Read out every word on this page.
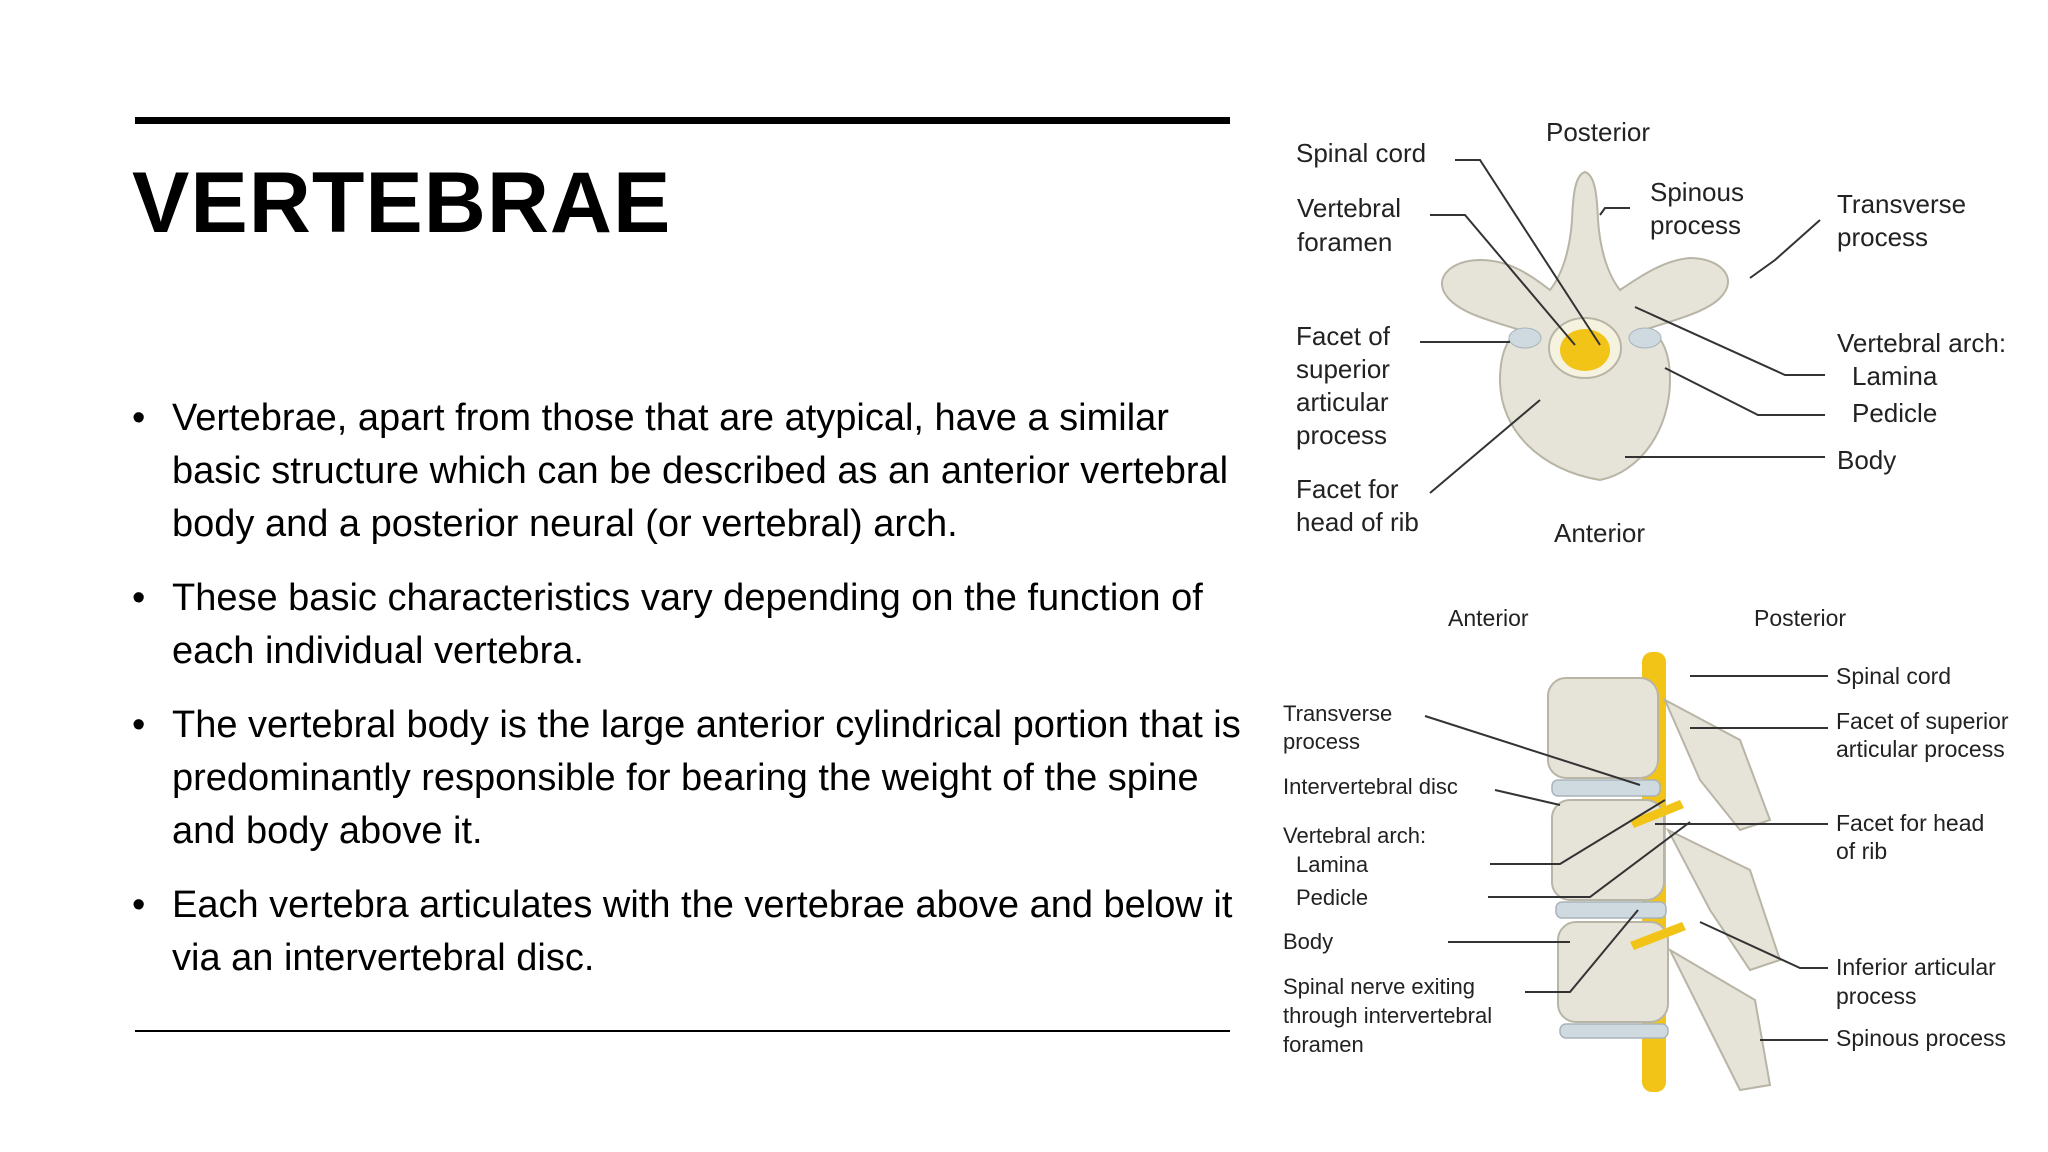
VERTEBRAE
• Vertebrae, apart from those that are atypical, have a similar basic structure which can be described as an anterior vertebral body and a posterior neural (or vertebral) arch.
• These basic characteristics vary depending on the function of each individual vertebra.
• The vertebral body is the large anterior cylindrical portion that is predominantly responsible for bearing the weight of the spine and body above it.
• Each vertebra articulates with the vertebrae above and below it via an intervertebral disc.
Posterior
Anterior
Spinal cord
Vertebral
foramen
Spinous
process
Transverse
process
Facet of
superior
articular
process
Vertebral arch:
Lamina
Pedicle
Body
Facet for
head of rib
Anterior	Posterior
Transverse
process
Intervertebral disc
Vertebral arch:
Lamina
Pedicle
Body
Spinal nerve exiting
through intervertebral
foramen
Spinal cord
Facet of superior
articular process
Facet for head
of rib
Inferior articular
process
Spinous process
